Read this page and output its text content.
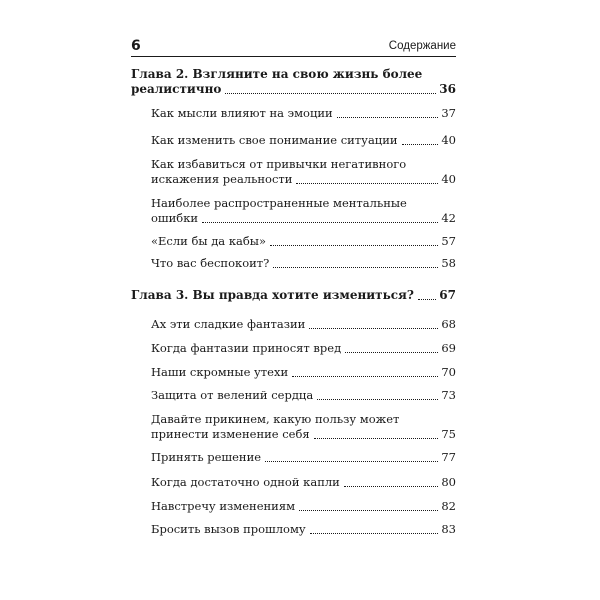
6	Содержание
Глава 2. Взгляните на свою жизнь более
реалистично	36
Как мысли влияют на эмоции	37
Как изменить свое понимание ситуации	40
Как избавиться от привычки негативного
искажения реальности	40
Наиболее распространенные ментальные
ошибки	42
«Если бы да кабы»	57
Что вас беспокоит?	58
Глава 3. Вы правда хотите измениться? 67
Ах эти сладкие фантазии	68
Когда фантазии приносят вред	69
Наши скромные утехи	70
Защита от велений сердца	73
Давайте прикинем, какую пользу может
принести изменение себя	75
Принять решение	77
Когда достаточно одной капли	80
Навстречу изменениям	82
Бросить вызов прошлому	83
